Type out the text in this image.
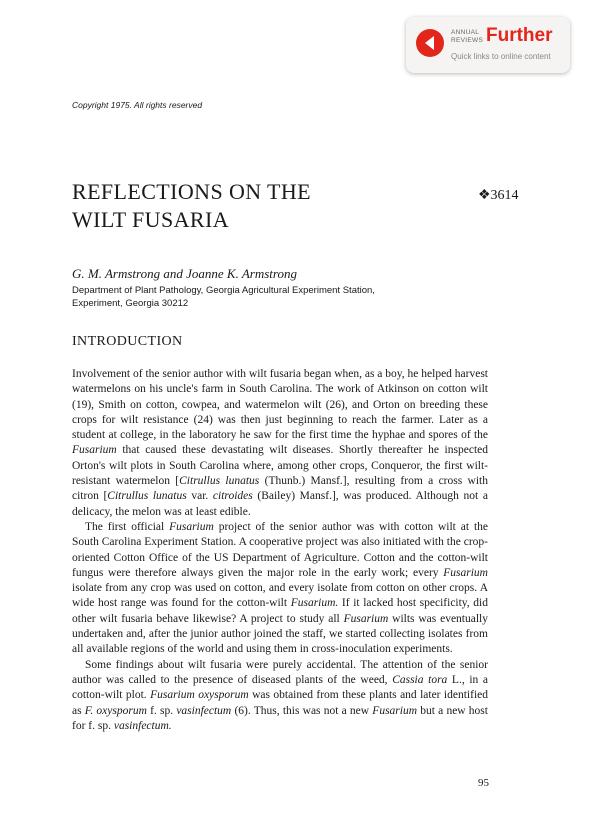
ANNUAL
REVIEWS Further
Quick links to online content
Copyright 1975. All rights reserved
REFLECTIONS ON THE
WILT FUSARIA
❖3614
G. M. Armstrong and Joanne K. Armstrong
Department of Plant Pathology, Georgia Agricultural Experiment Station,
Experiment, Georgia 30212
INTRODUCTION

Involvement of the senior author with wilt fusaria began when, as a boy, he helped harvest watermelons on his uncle's farm in South Carolina. The work of Atkinson on cotton wilt (19), Smith on cotton, cowpea, and watermelon wilt (26), and Orton on breeding these crops for wilt resistance (24) was then just beginning to reach the farmer. Later as a student at college, in the laboratory he saw for the first time the hyphae and spores of the Fusarium that caused these devastating wilt diseases. Shortly thereafter he inspected Orton's wilt plots in South Carolina where, among other crops, Conqueror, the first wilt-resistant watermelon [Citrullus lunatus (Thunb.) Mansf.], resulting from a cross with citron [Citrullus lunatus var. citroides (Bailey) Mansf.], was produced. Although not a delicacy, the melon was at least edible.

The first official Fusarium project of the senior author was with cotton wilt at the South Carolina Experiment Station. A cooperative project was also initiated with the crop-oriented Cotton Office of the US Department of Agriculture. Cotton and the cotton-wilt fungus were therefore always given the major role in the early work; every Fusarium isolate from any crop was used on cotton, and every isolate from cotton on other crops. A wide host range was found for the cotton-wilt Fusarium. If it lacked host specificity, did other wilt fusaria behave likewise? A project to study all Fusarium wilts was eventually undertaken and, after the junior author joined the staff, we started collecting isolates from all available regions of the world and using them in cross-inoculation experiments.

Some findings about wilt fusaria were purely accidental. The attention of the senior author was called to the presence of diseased plants of the weed, Cassia tora L., in a cotton-wilt plot. Fusarium oxysporum was obtained from these plants and later identified as F. oxysporum f. sp. vasinfectum (6). Thus, this was not a new Fusarium but a new host for f. sp. vasinfectum.

95
